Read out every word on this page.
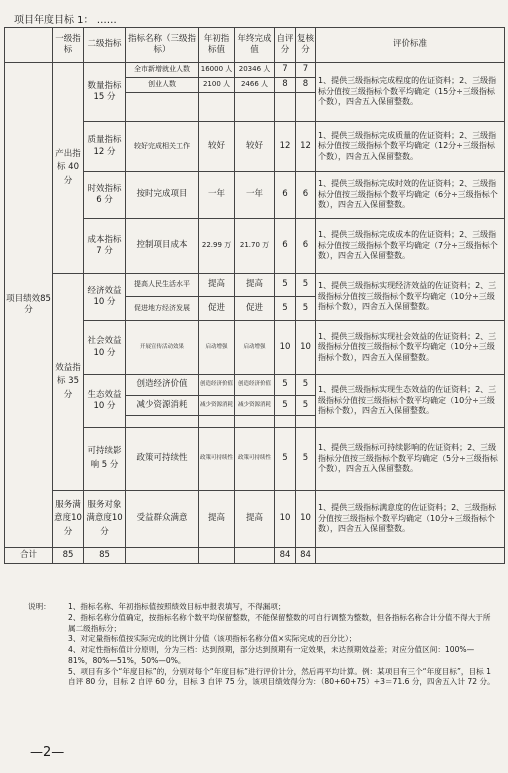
项目年度目标 1： ……
	一级指标	二级指标	指标名称（三级指标）	年初指标值	年终完成值	自评分	复核分	评价标准
项目绩效85 分	产出指标 40分	数量指标15 分	全市新增就业人数	16000 人	20346 人	7	7	1、提供三级指标完成程度的佐证资料；2、三级指标分值按三级指标个数平均确定（15分÷三级指标个数），四舍五入保留整数。
			创业人数	2100 人	2466 人	8	8	

		质量指标12 分	较好完成相关工作	较好	较好	12	12	1、提供三级指标完成质量的佐证资料；2、三级指标分值按三级指标个数平均确定（12分÷三级指标个数），四舍五入保留整数。
		时效指标6 分	按时完成项目	一年	一年	6	6	1、提供三级指标完成时效的佐证资料；2、三级指标分值按三级指标个数平均确定（6分÷三级指标个数），四舍五入保留整数。
		成本指标7 分	控制项目成本	22.99 万	21.70 万	6	6	1、提供三级指标完成成本的佐证资料；2、三级指标分值按三级指标个数平均确定（7分÷三级指标个数），四舍五入保留整数。
	效益指标 35分	经济效益10 分	提高人民生活水平	提高	提高	5	5	1、提供三级指标实现经济效益的佐证资料；2、三级指标分值按三级指标个数平均确定（10分÷三级指标个数），四舍五入保留整数。
			促进地方经济发展	促进	促进	5	5	
		社会效益10 分	开展宣传活动效果	启动增强	启动增强	10	10	1、提供三级指标实现社会效益的佐证资料；2、三级指标分值按三级指标个数平均确定（10分÷三级指标个数），四舍五入保留整数。
		生态效益10 分	创造经济价值	创造经济价值	创造经济价值	5	5	1、提供三级指标实现生态效益的佐证资料；2、三级指标分值按三级指标个数平均确定（10分÷三级指标个数），四舍五入保留整数。
			减少资源消耗	减少资源消耗	减少资源消耗	5	5	

		可持续影响 5 分	政策可持续性	政策可持续性	政策可持续性	5	5	1、提供三级指标可持续影响的佐证资料；2、三级指标分值按三级指标个数平均确定（5分÷三级指标个数），四舍五入保留整数。
	服务满意度10分	服务对象满意度10 分	受益群众满意	提高	提高	10	10	1、提供三级指标满意度的佐证资料；2、三级指标分值按三级指标个数平均确定（10分÷三级指标个数），四舍五入保留整数。
合计	85	85				84	84	
说明：	1、指标名称、年初指标值按照绩效目标申报表填写，不得漏项；
2、指标名称分值确定，按指标名称个数平均保留整数，不能保留整数的可自行调整为整数，但各指标名称合计分值不得大于所属二级指标分；
3、对定量指标值按实际完成的比例计分值（该项指标名称分值×实际完成的百分比）；
4、对定性指标值计分原则，分为三档：达到预期，部分达到预期有一定效果，未达预期效益差；对应分值区间：100%—81%，80%—51%，50%—0%。
5、项目有多个“年度目标”的，分别对每个“年度目标”进行评价计分，然后再平均计算。例：某项目有三个“年度目标”，目标 1 自评 80 分，目标 2 自评 60 分，目标 3 自评 75 分，该项目绩效得分为：（80+60+75）÷3＝71.6 分，四舍五入计 72 分。
—2—
